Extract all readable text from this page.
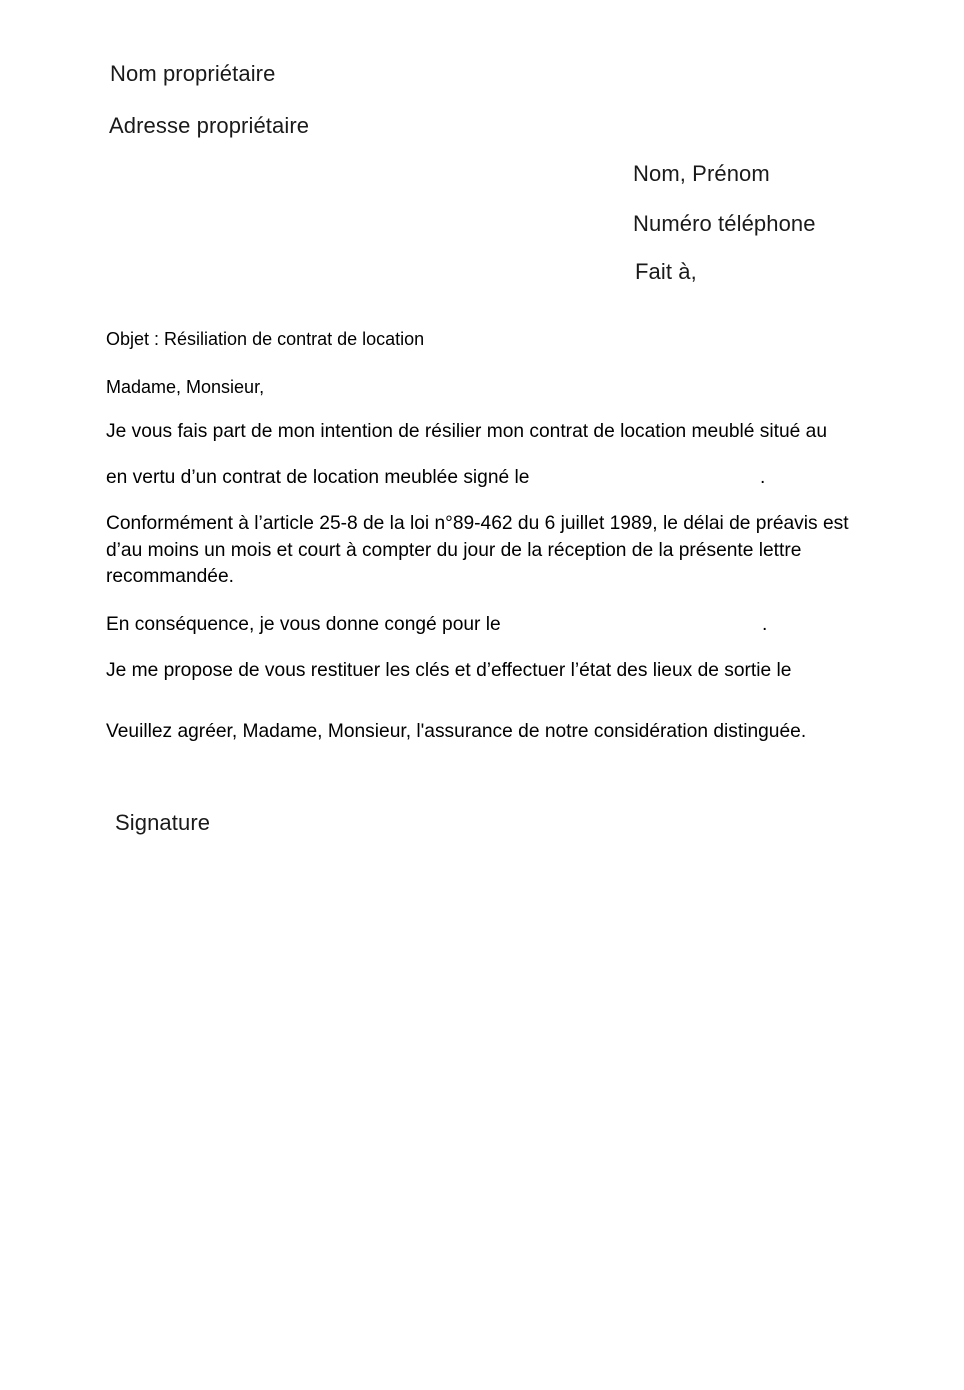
Nom propriétaire
Adresse propriétaire
Nom, Prénom
Numéro téléphone
Fait à,
Objet : Résiliation de contrat de location
Madame, Monsieur,
Je vous fais part de mon intention de résilier mon contrat de location meublé situé au
en vertu d’un contrat de location meublée signé le	.
Conformément à l’article 25-8 de la loi n°89-462 du 6 juillet 1989, le délai de préavis est d’au moins un mois et court à compter du jour de la réception de la présente lettre recommandée.
En conséquence, je vous donne congé pour le	.
Je me propose de vous restituer les clés et d’effectuer l’état des lieux de sortie le
Veuillez agréer, Madame, Monsieur, l'assurance de notre considération distinguée.
Signature
